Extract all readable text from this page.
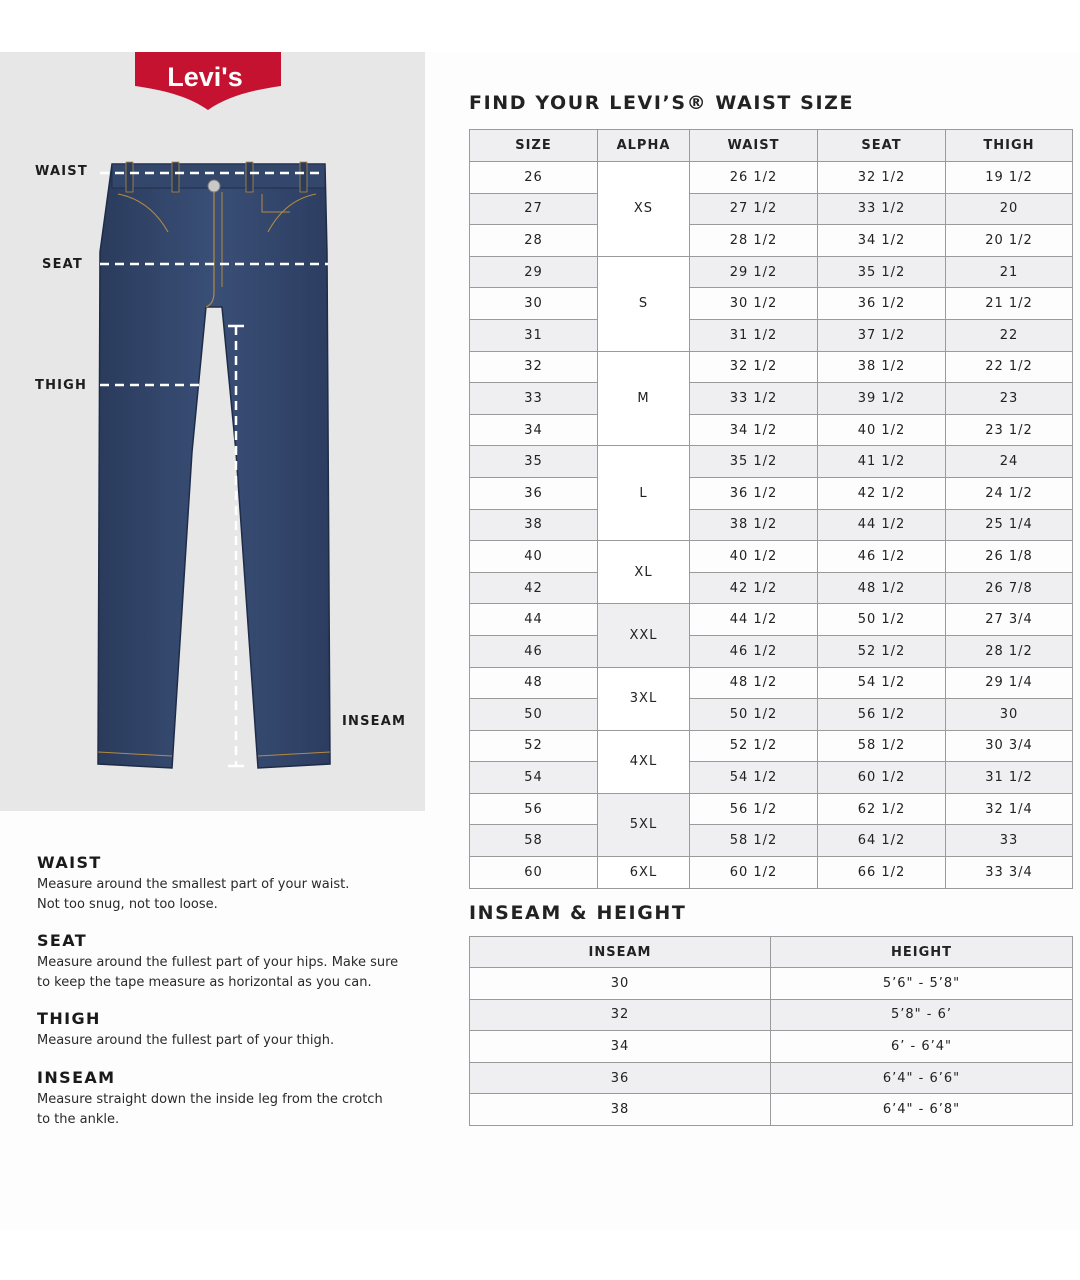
Levi's
R
WAIST
SEAT
THIGH
INSEAM
WAIST

Measure around the smallest part of your waist.
Not too snug, not too loose.

SEAT

Measure around the fullest part of your hips. Make sure
to keep the tape measure as horizontal as you can.

THIGH

Measure around the fullest part of your thigh.

INSEAM

Measure straight down the inside leg from the crotch
to the ankle.

FIND YOUR LEVI’S® WAIST SIZE
SIZE	ALPHA	WAIST	SEAT	THIGH
26	XS	26 1/2	32 1/2	19 1/2
27		27 1/2	33 1/2	20
28		28 1/2	34 1/2	20 1/2
29	S	29 1/2	35 1/2	21
30		30 1/2	36 1/2	21 1/2
31		31 1/2	37 1/2	22
32	M	32 1/2	38 1/2	22 1/2
33		33 1/2	39 1/2	23
34		34 1/2	40 1/2	23 1/2
35	L	35 1/2	41 1/2	24
36		36 1/2	42 1/2	24 1/2
38		38 1/2	44 1/2	25 1/4
40	XL	40 1/2	46 1/2	26 1/8
42		42 1/2	48 1/2	26 7/8
44	XXL	44 1/2	50 1/2	27 3/4
46		46 1/2	52 1/2	28 1/2
48	3XL	48 1/2	54 1/2	29 1/4
50		50 1/2	56 1/2	30
52	4XL	52 1/2	58 1/2	30 3/4
54		54 1/2	60 1/2	31 1/2
56	5XL	56 1/2	62 1/2	32 1/4
58		58 1/2	64 1/2	33
60	6XL	60 1/2	66 1/2	33 3/4
INSEAM & HEIGHT
INSEAM	HEIGHT
30	5’6" - 5’8"
32	5’8" - 6’
34	6’ - 6’4"
36	6’4" - 6’6"
38	6’4" - 6’8"
